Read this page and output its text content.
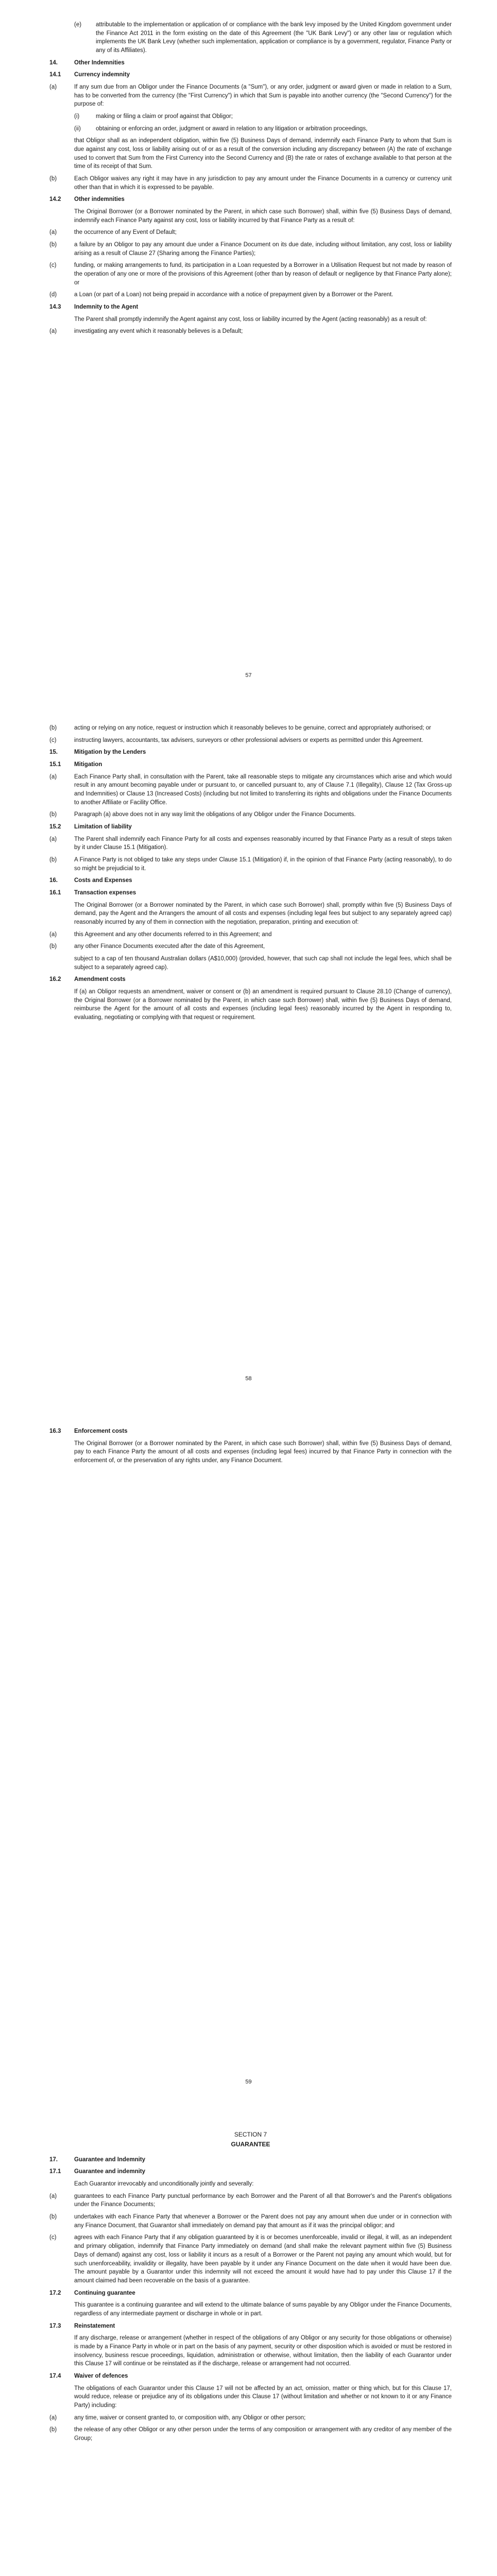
(e)	attributable to the implementation or application of or compliance with the bank levy imposed by the United Kingdom government under the Finance Act 2011 in the form existing on the date of this Agreement (the "UK Bank Levy") or any other law or regulation which implements the UK Bank Levy (whether such implementation, application or compliance is by a government, regulator, Finance Party or any of its Affiliates).
14.	Other Indemnities
14.1	Currency indemnity
(a)	If any sum due from an Obligor under the Finance Documents (a "Sum"), or any order, judgment or award given or made in relation to a Sum, has to be converted from the currency (the "First Currency") in which that Sum is payable into another currency (the "Second Currency") for the purpose of:
(i)	making or filing a claim or proof against that Obligor;
(ii)	obtaining or enforcing an order, judgment or award in relation to any litigation or arbitration proceedings,
that Obligor shall as an independent obligation, within five (5) Business Days of demand, indemnify each Finance Party to whom that Sum is due against any cost, loss or liability arising out of or as a result of the conversion including any discrepancy between (A) the rate of exchange used to convert that Sum from the First Currency into the Second Currency and (B) the rate or rates of exchange available to that person at the time of its receipt of that Sum.
(b)	Each Obligor waives any right it may have in any jurisdiction to pay any amount under the Finance Documents in a currency or currency unit other than that in which it is expressed to be payable.
14.2	Other indemnities
The Original Borrower (or a Borrower nominated by the Parent, in which case such Borrower) shall, within five (5) Business Days of demand, indemnify each Finance Party against any cost, loss or liability incurred by that Finance Party as a result of:
(a)	the occurrence of any Event of Default;
(b)	a failure by an Obligor to pay any amount due under a Finance Document on its due date, including without limitation, any cost, loss or liability arising as a result of Clause 27 (Sharing among the Finance Parties);
(c)	funding, or making arrangements to fund, its participation in a Loan requested by a Borrower in a Utilisation Request but not made by reason of the operation of any one or more of the provisions of this Agreement (other than by reason of default or negligence by that Finance Party alone); or
(d)	a Loan (or part of a Loan) not being prepaid in accordance with a notice of prepayment given by a Borrower or the Parent.
14.3	Indemnity to the Agent
The Parent shall promptly indemnify the Agent against any cost, loss or liability incurred by the Agent (acting reasonably) as a result of:
(a)	investigating any event which it reasonably believes is a Default;
57
(b)	acting or relying on any notice, request or instruction which it reasonably believes to be genuine, correct and appropriately authorised; or
(c)	instructing lawyers, accountants, tax advisers, surveyors or other professional advisers or experts as permitted under this Agreement.
15.	Mitigation by the Lenders
15.1	Mitigation
(a)	Each Finance Party shall, in consultation with the Parent, take all reasonable steps to mitigate any circumstances which arise and which would result in any amount becoming payable under or pursuant to, or cancelled pursuant to, any of Clause 7.1 (Illegality), Clause 12 (Tax Gross-up and Indemnities) or Clause 13 (Increased Costs) (including but not limited to transferring its rights and obligations under the Finance Documents to another Affiliate or Facility Office.
(b)	Paragraph (a) above does not in any way limit the obligations of any Obligor under the Finance Documents.
15.2	Limitation of liability
(a)	The Parent shall indemnify each Finance Party for all costs and expenses reasonably incurred by that Finance Party as a result of steps taken by it under Clause 15.1 (Mitigation).
(b)	A Finance Party is not obliged to take any steps under Clause 15.1 (Mitigation) if, in the opinion of that Finance Party (acting reasonably), to do so might be prejudicial to it.
16.	Costs and Expenses
16.1	Transaction expenses
The Original Borrower (or a Borrower nominated by the Parent, in which case such Borrower) shall, promptly within five (5) Business Days of demand, pay the Agent and the Arrangers the amount of all costs and expenses (including legal fees but subject to any separately agreed cap) reasonably incurred by any of them in connection with the negotiation, preparation, printing and execution of:
(a)	this Agreement and any other documents referred to in this Agreement; and
(b)	any other Finance Documents executed after the date of this Agreement,
subject to a cap of ten thousand Australian dollars (A$10,000) (provided, however, that such cap shall not include the legal fees, which shall be subject to a separately agreed cap).
16.2	Amendment costs
If (a) an Obligor requests an amendment, waiver or consent or (b) an amendment is required pursuant to Clause 28.10 (Change of currency), the Original Borrower (or a Borrower nominated by the Parent, in which case such Borrower) shall, within five (5) Business Days of demand, reimburse the Agent for the amount of all costs and expenses (including legal fees) reasonably incurred by the Agent in responding to, evaluating, negotiating or complying with that request or requirement.
58
16.3	Enforcement costs
The Original Borrower (or a Borrower nominated by the Parent, in which case such Borrower) shall, within five (5) Business Days of demand, pay to each Finance Party the amount of all costs and expenses (including legal fees) incurred by that Finance Party in connection with the enforcement of, or the preservation of any rights under, any Finance Document.
59
SECTION 7
GUARANTEE
17.	Guarantee and Indemnity
17.1	Guarantee and indemnity
Each Guarantor irrevocably and unconditionally jointly and severally:
(a)	guarantees to each Finance Party punctual performance by each Borrower and the Parent of all that Borrower's and the Parent's obligations under the Finance Documents;
(b)	undertakes with each Finance Party that whenever a Borrower or the Parent does not pay any amount when due under or in connection with any Finance Document, that Guarantor shall immediately on demand pay that amount as if it was the principal obligor; and
(c)	agrees with each Finance Party that if any obligation guaranteed by it is or becomes unenforceable, invalid or illegal, it will, as an independent and primary obligation, indemnify that Finance Party immediately on demand (and shall make the relevant payment within five (5) Business Days of demand) against any cost, loss or liability it incurs as a result of a Borrower or the Parent not paying any amount which would, but for such unenforceability, invalidity or illegality, have been payable by it under any Finance Document on the date when it would have been due. The amount payable by a Guarantor under this indemnity will not exceed the amount it would have had to pay under this Clause 17 if the amount claimed had been recoverable on the basis of a guarantee.
17.2	Continuing guarantee
This guarantee is a continuing guarantee and will extend to the ultimate balance of sums payable by any Obligor under the Finance Documents, regardless of any intermediate payment or discharge in whole or in part.
17.3	Reinstatement
If any discharge, release or arrangement (whether in respect of the obligations of any Obligor or any security for those obligations or otherwise) is made by a Finance Party in whole or in part on the basis of any payment, security or other disposition which is avoided or must be restored in insolvency, business rescue proceedings, liquidation, administration or otherwise, without limitation, then the liability of each Guarantor under this Clause 17 will continue or be reinstated as if the discharge, release or arrangement had not occurred.
17.4	Waiver of defences
The obligations of each Guarantor under this Clause 17 will not be affected by an act, omission, matter or thing which, but for this Clause 17, would reduce, release or prejudice any of its obligations under this Clause 17 (without limitation and whether or not known to it or any Finance Party) including:
(a)	any time, waiver or consent granted to, or composition with, any Obligor or other person;
(b)	the release of any other Obligor or any other person under the terms of any composition or arrangement with any creditor of any member of the Group;
